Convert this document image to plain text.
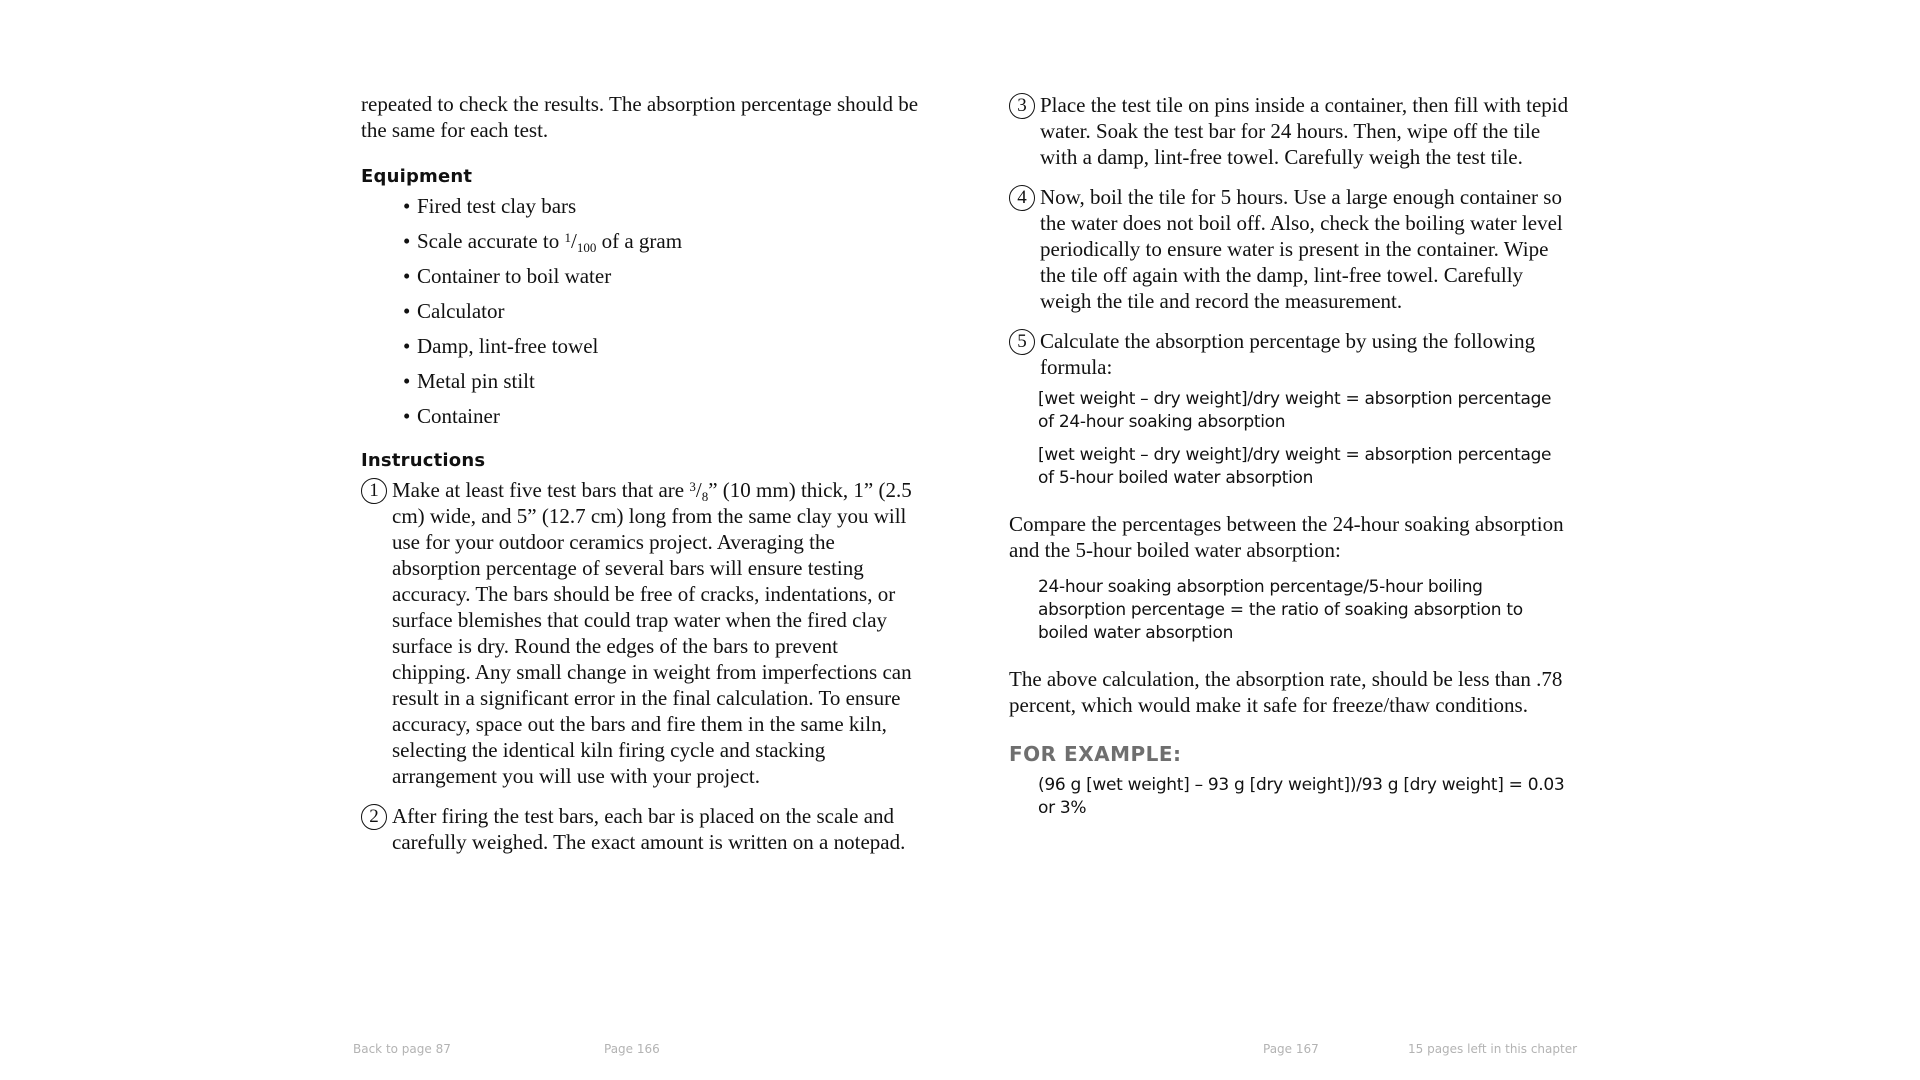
repeated to check the results. The absorption percentage should be the same for each test.

Equipment
• Fired test clay bars
• Scale accurate to $^1/_{100}$ of a gram
• Container to boil water
• Calculator
• Damp, lint-free towel
• Metal pin stilt
• Container
Instructions
1 Make at least five test bars that are $^3/_8$” (10 mm) thick, 1” (2.5 cm) wide, and 5” (12.7 cm) long from the same clay you will use for your outdoor ceramics project. Averaging the absorption percentage of several bars will ensure testing accuracy. The bars should be free of cracks, indentations, or surface blemishes that could trap water when the fired clay surface is dry. Round the edges of the bars to prevent chipping. Any small change in weight from imperfections can result in a significant error in the final calculation. To ensure accuracy, space out the bars and fire them in the same kiln, selecting the identical kiln firing cycle and stacking arrangement you will use with your project.
2 After firing the test bars, each bar is placed on the scale and carefully weighed. The exact amount is written on a notepad.
3 Place the test tile on pins inside a container, then fill with tepid water. Soak the test bar for 24 hours. Then, wipe off the tile with a damp, lint-free towel. Carefully weigh the test tile.
4 Now, boil the tile for 5 hours. Use a large enough container so the water does not boil off. Also, check the boiling water level periodically to ensure water is present in the container. Wipe the tile off again with the damp, lint-free towel. Carefully weigh the tile and record the measurement.
5 Calculate the absorption percentage by using the following formula:

[wet weight – dry weight]/dry weight = absorption percentage of 24-hour soaking absorption

[wet weight – dry weight]/dry weight = absorption percentage of 5-hour boiled water absorption

Compare the percentages between the 24-hour soaking absorption and the 5-hour boiled water absorption:

24-hour soaking absorption percentage/5-hour boiling absorption percentage = the ratio of soaking absorption to boiled water absorption

The above calculation, the absorption rate, should be less than .78 percent, which would make it safe for freeze/thaw conditions.

FOR EXAMPLE:

(96 g [wet weight] – 93 g [dry weight])/93 g [dry weight] = 0.03 or 3%

Back to page 87	Page 166	Page 167	15 pages left in this chapter
